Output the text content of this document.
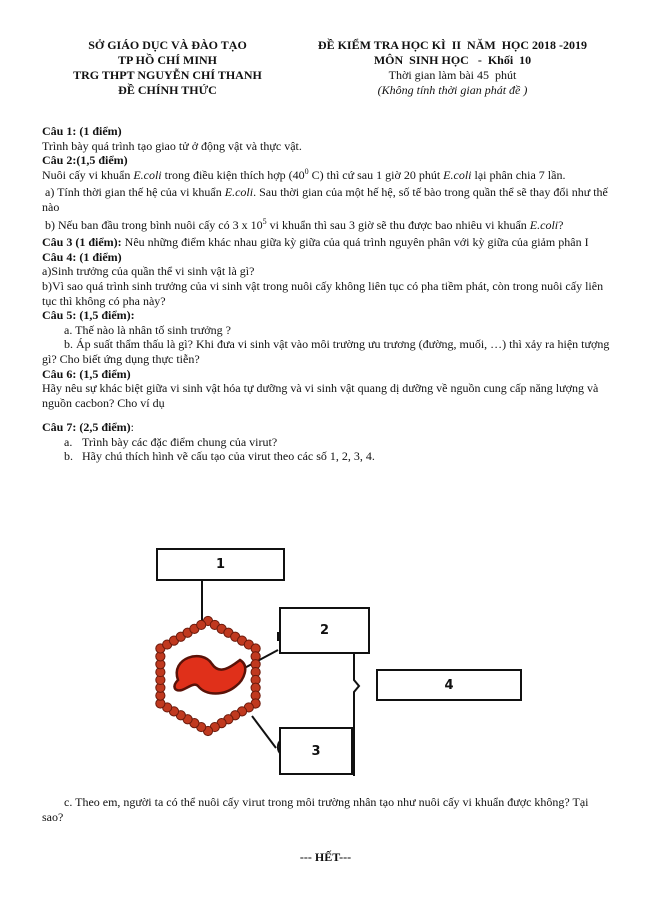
SỞ GIÁO DỤC VÀ ĐÀO TẠO
TP HỒ CHÍ MINH
TRG THPT NGUYỄN CHÍ THANH
ĐỀ CHÍNH THỨC
ĐỀ KIỂM TRA HỌC KÌ  II  NĂM  HỌC 2018 -2019
MÔN  SINH HỌC   -  Khối  10
Thời gian làm bài 45  phút
(Không tính thời gian phát đề )
Câu 1: (1 điểm)
Trình bày quá trình tạo giao tử ở động vật và thực vật.
Câu 2:(1,5 điểm)
Nuôi cấy vi khuẩn E.coli trong điều kiện thích hợp ($40^0$ C) thì cứ sau 1 giờ 20 phút E.coli lại phân chia 7 lần.
a) Tính thời gian thế hệ của vi khuẩn E.coli. Sau thời gian của một hế hệ, số tế bào trong quần thể sẽ thay đổi như thế nào
b) Nếu ban đầu trong bình nuôi cấy có 3 x $10^5$ vi khuẩn thì sau 3 giờ sẽ thu được bao nhiêu vi khuẩn E.coli?
Câu 3 (1 điểm): Nêu những điểm khác nhau giữa kỳ giữa của quá trình nguyên phân với kỳ giữa của giảm phân I
Câu 4: (1 điểm)
a)Sinh trưởng của quần thể vi sinh vật là gì?
b)Vì sao quá trình sinh trưởng của vi sinh vật trong nuôi cấy không liên tục có pha tiềm phát, còn trong nuôi cấy liên tục thì không có pha này?
Câu 5: (1,5 điểm):
a. Thế nào là nhân tố sinh trưởng ?
b. Áp suất thẩm thấu là gì? Khi đưa vi sinh vật vào môi trường ưu trương (đường, muối, …) thì xảy ra hiện tượng gì? Cho biết ứng dụng thực tiễn?
Câu 6: (1,5 điểm)
Hãy nêu sự khác biệt giữa vi sinh vật hóa tự dưỡng và vi sinh vật quang dị dưỡng về nguồn cung cấp năng lượng và nguồn cacbon? Cho ví dụ
Câu 7: (2,5 điểm):
a. Trình bày các đặc điểm chung của virut?
b. Hãy chú thích hình vẽ cấu tạo của virut theo các số 1, 2, 3, 4.
1
2
4
3
c. Theo em, người ta có thể nuôi cấy virut trong môi trường nhân tạo như nuôi cấy vi khuẩn được không? Tại sao?
--- HẾT---
